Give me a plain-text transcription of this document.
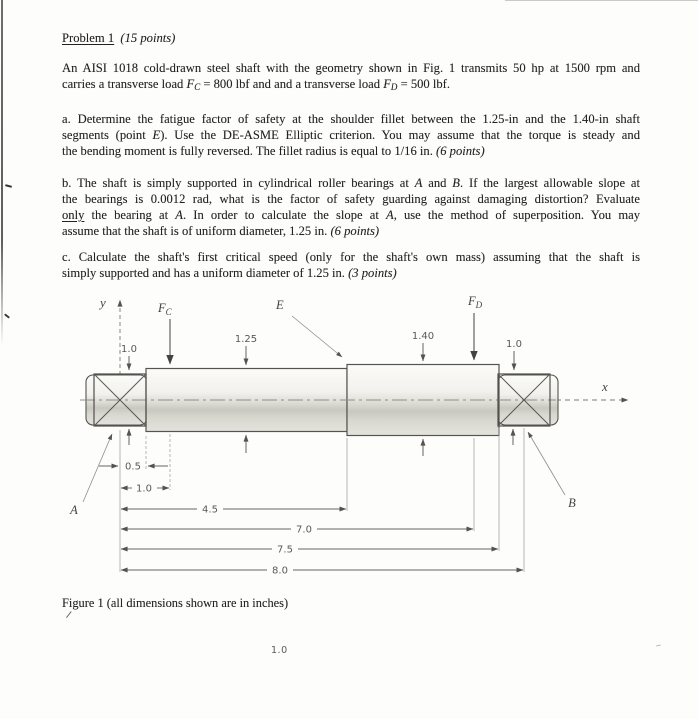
Problem 1 (15 points)
An AISI 1018 cold-drawn steel shaft with the geometry shown in Fig. 1 transmits 50 hp at 1500 rpm and
carries a transverse load $F_C = 800$ lbf and and a transverse load $F_D = 500$ lbf.
a. Determine the fatigue factor of safety at the shoulder fillet between the 1.25-in and the 1.40-in shaft
segments (point E). Use the DE-ASME Elliptic criterion. You may assume that the torque is steady and
the bending moment is fully reversed. The fillet radius is equal to 1/16 in. (6 points)
b. The shaft is simply supported in cylindrical roller bearings at A and B. If the largest allowable slope at
the bearings is 0.0012 rad, what is the factor of safety guarding against damaging distortion? Evaluate
only the bearing at A. In order to calculate the slope at A, use the method of superposition. You may
assume that the shaft is of uniform diameter, 1.25 in. (6 points)
c. Calculate the shaft's first critical speed (only for the shaft's own mass) assuming that the shaft is
simply supported and has a uniform diameter of 1.25 in. (3 points)
y
x
$F_C$
$F_D$
E
1.0
1.25	1.40
1.0
A	B
0.5
1.0
4.5
7.0
7.5
8.0
Figure 1 (all dimensions shown are in inches)
1.0
